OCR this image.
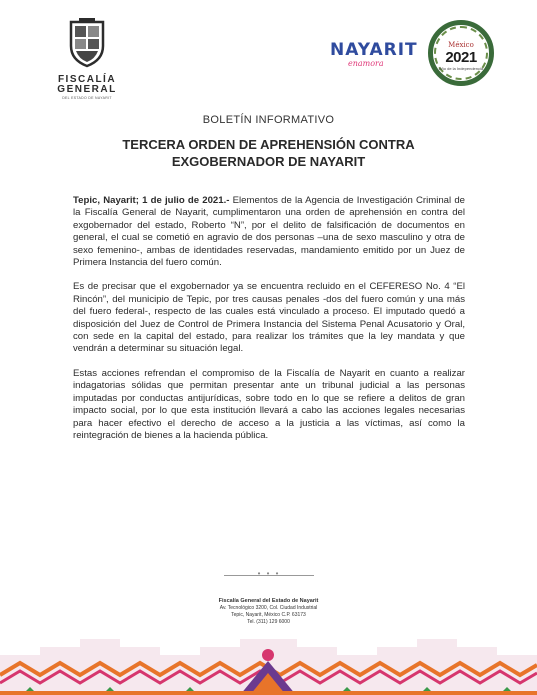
FISCALÍA GENERAL
DEL ESTADO DE NAYARIT
NAYARIT
enamora
México
2021
Año de la Independencia
BOLETÍN INFORMATIVO
TERCERA ORDEN DE APREHENSIÓN CONTRA
EXGOBERNADOR DE NAYARIT

Tepic, Nayarit; 1 de julio de 2021.- Elementos de la Agencia de Investigación Criminal de la Fiscalía General de Nayarit, cumplimentaron una orden de aprehensión en contra del exgobernador del estado, Roberto “N”, por el delito de falsificación de documentos en general, el cual se cometió en agravio de dos personas –una de sexo masculino y otra de sexo femenino-, ambas de identidades reservadas, mandamiento emitido por un Juez de Primera Instancia del fuero común.

Es de precisar que el exgobernador ya se encuentra recluido en el CEFERESO No. 4 “El Rincón”, del municipio de Tepic, por tres causas penales -dos del fuero común y una más del fuero federal-, respecto de las cuales está vinculado a proceso. El imputado quedó a disposición del Juez de Control de Primera Instancia del Sistema Penal Acusatorio y Oral, con sede en la capital del estado, para realizar los trámites que la ley mandata y que vendrán a determinar su situación legal.

Estas acciones refrendan el compromiso de la Fiscalía de Nayarit en cuanto a realizar indagatorias sólidas que permitan presentar ante un tribunal judicial a las personas imputadas por conductas antijurídicas, sobre todo en lo que se refiere a delitos de gran impacto social, por lo que esta institución llevará a cabo las acciones legales necesarias para hacer efectivo el derecho de acceso a la justicia a las víctimas, así como la reintegración de bienes a la hacienda pública.

• • •
Fiscalía General del Estado de Nayarit
Av. Tecnológico 3200, Col. Ciudad Industrial
Tepic, Nayarit, México C.P. 63173
Tel. (311) 129 6000
